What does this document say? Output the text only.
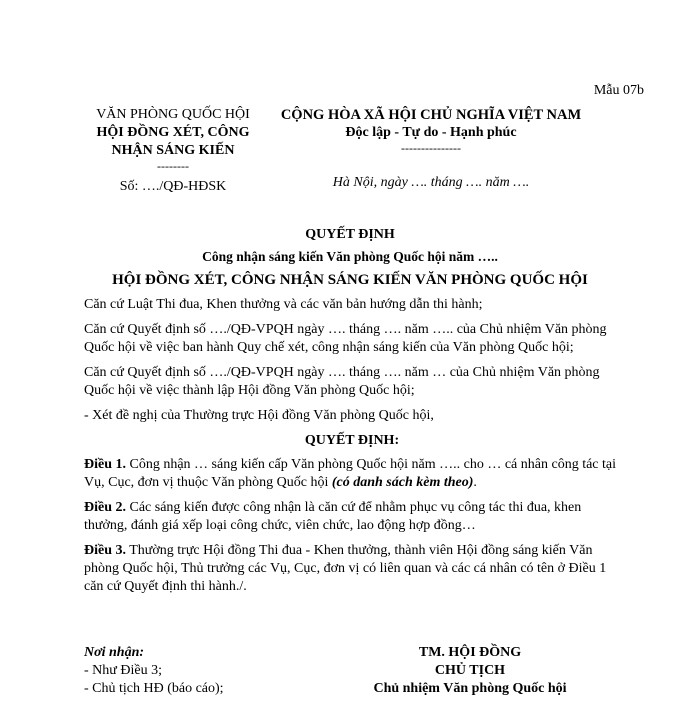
Mẫu 07b
VĂN PHÒNG QUỐC HỘI
HỘI ĐỒNG XÉT, CÔNG
NHẬN SÁNG KIẾN
--------
Số: …./QĐ-HĐSK
CỘNG HÒA XÃ HỘI CHỦ NGHĨA VIỆT NAM
Độc lập - Tự do - Hạnh phúc
---------------
Hà Nội, ngày …. tháng …. năm ….
QUYẾT ĐỊNH
Công nhận sáng kiến Văn phòng Quốc hội năm …..
HỘI ĐỒNG XÉT, CÔNG NHẬN SÁNG KIẾN VĂN PHÒNG QUỐC HỘI

Căn cứ Luật Thi đua, Khen thưởng và các văn bản hướng dẫn thi hành;

Căn cứ Quyết định số …./QĐ-VPQH ngày …. tháng …. năm ….. của Chủ nhiệm Văn phòng Quốc hội về việc ban hành Quy chế xét, công nhận sáng kiến của Văn phòng Quốc hội;

Căn cứ Quyết định số …./QĐ-VPQH ngày …. tháng …. năm … của Chủ nhiệm Văn phòng Quốc hội về việc thành lập Hội đồng Văn phòng Quốc hội;

- Xét đề nghị của Thường trực Hội đồng Văn phòng Quốc hội,

QUYẾT ĐỊNH:

Điều 1. Công nhận … sáng kiến cấp Văn phòng Quốc hội năm ….. cho … cá nhân công tác tại Vụ, Cục, đơn vị thuộc Văn phòng Quốc hội (có danh sách kèm theo).

Điều 2. Các sáng kiến được công nhận là căn cứ để nhằm phục vụ công tác thi đua, khen thưởng, đánh giá xếp loại công chức, viên chức, lao động hợp đồng…

Điều 3. Thường trực Hội đồng Thi đua - Khen thưởng, thành viên Hội đồng sáng kiến Văn phòng Quốc hội, Thủ trưởng các Vụ, Cục, đơn vị có liên quan và các cá nhân có tên ở Điều 1 căn cứ Quyết định thi hành./.

Nơi nhận:
- Như Điều 3;
- Chủ tịch HĐ (báo cáo);
TM. HỘI ĐỒNG
CHỦ TỊCH
Chủ nhiệm Văn phòng Quốc hội
